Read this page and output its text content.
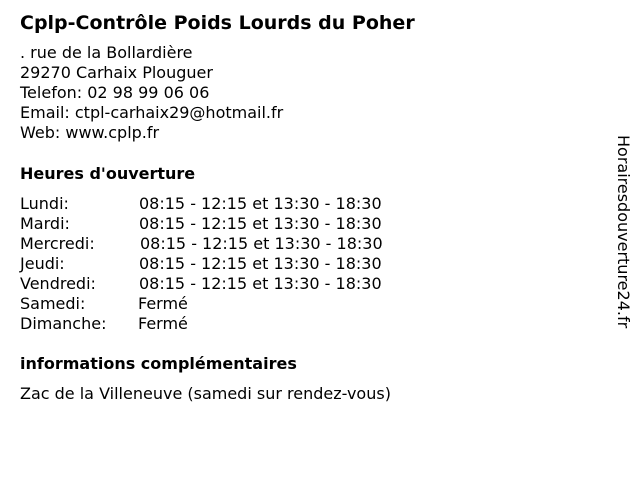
Cplp-Contrôle Poids Lourds du Poher
. rue de la Bollardière
29270 Carhaix Plouguer
Telefon: 02 98 99 06 06
Email: ctpl-carhaix29@hotmail.fr
Web: www.cplp.fr
Heures d'ouverture
Lundi:	08:15 - 12:15 et 13:30 - 18:30
Mardi:	08:15 - 12:15 et 13:30 - 18:30
Mercredi:	08:15 - 12:15 et 13:30 - 18:30
Jeudi:	08:15 - 12:15 et 13:30 - 18:30
Vendredi:	08:15 - 12:15 et 13:30 - 18:30
Samedi:	Fermé
Dimanche: Fermé
informations complémentaires
Zac de la Villeneuve (samedi sur rendez-vous)
Horairesdouverture24.fr
